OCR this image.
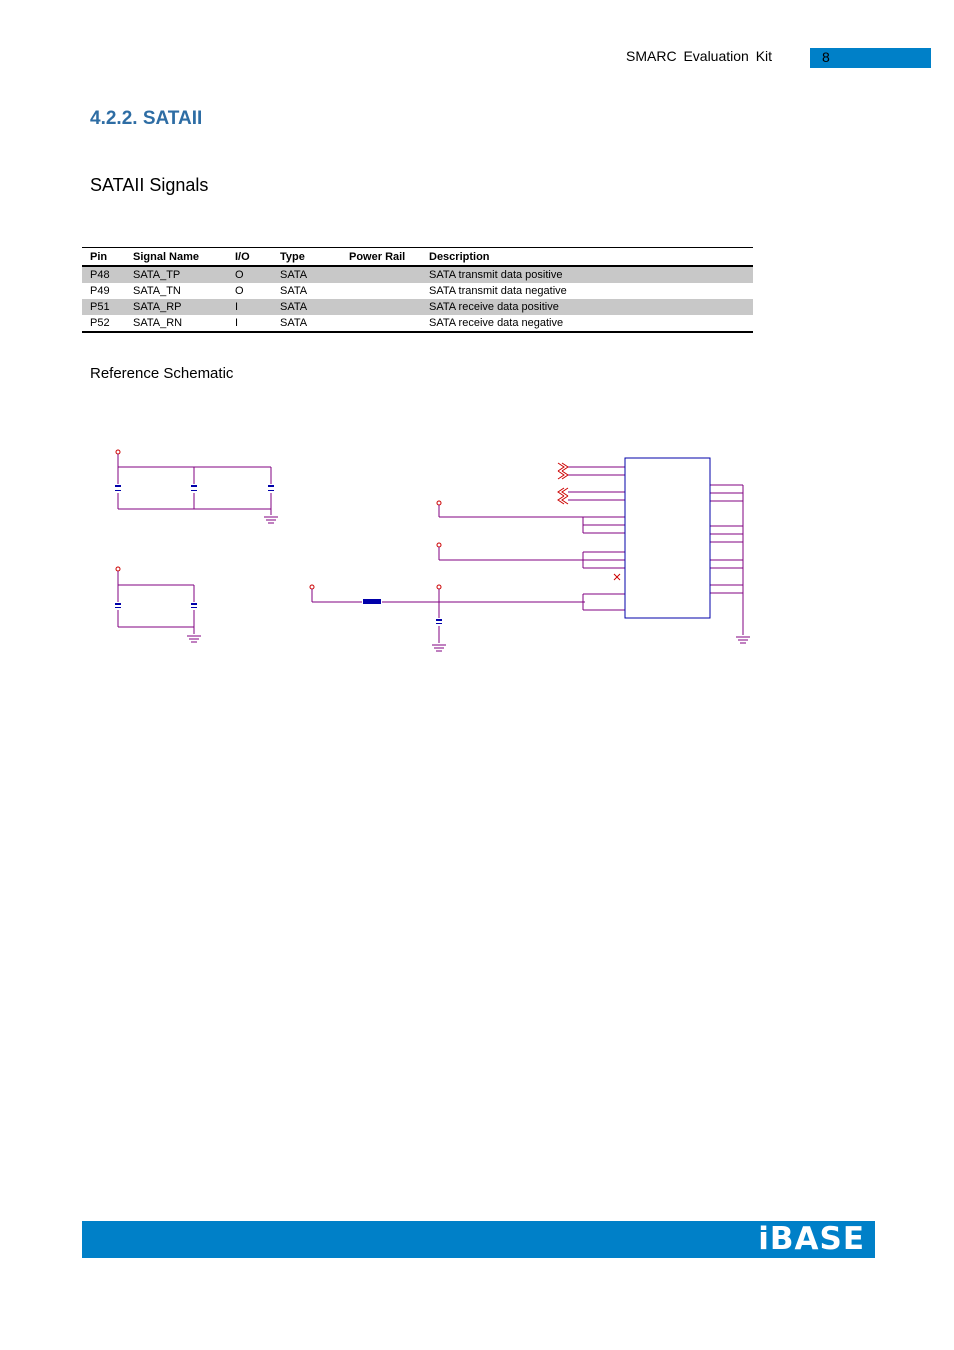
SMARC Evaluation Kit	8
4.2.2. SATAII
SATAII Signals
Pin	Signal Name	I/O	Type	Power Rail	Description
P48	SATA_TP	O	SATA		SATA transmit data positive
P49	SATA_TN	O	SATA		SATA transmit data negative
P51	SATA_RP	I	SATA		SATA receive data positive
P52	SATA_RN	I	SATA		SATA receive data negative
Reference Schematic
iBASE
